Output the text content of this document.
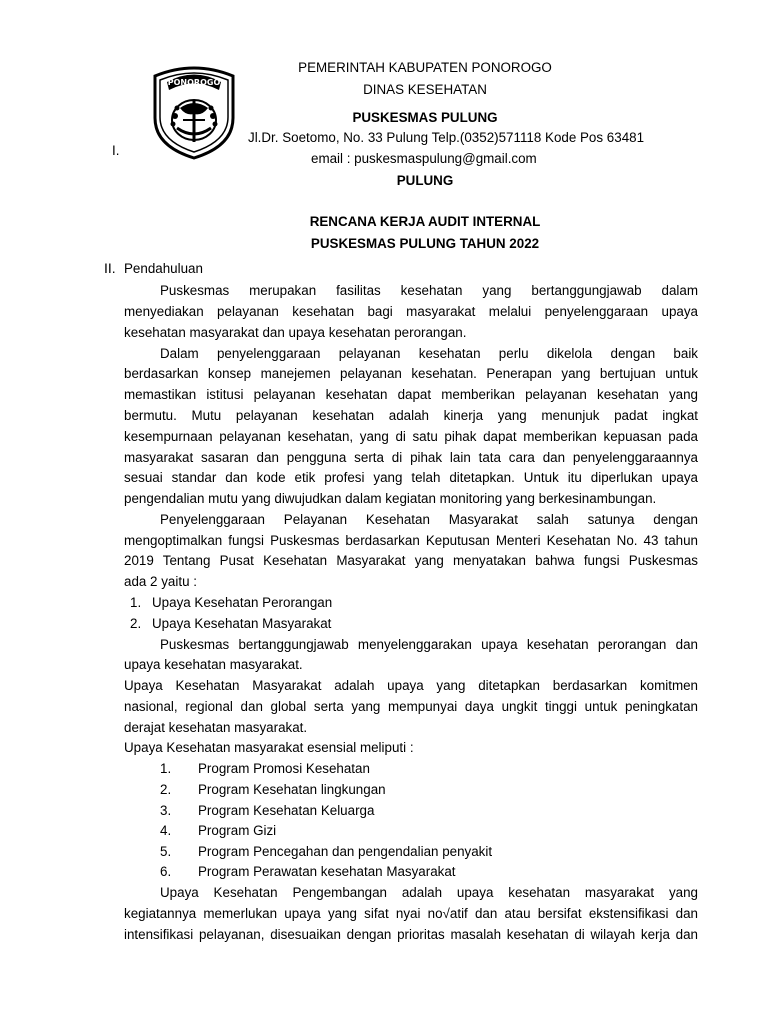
PONOROGO
I.
PEMERINTAH KABUPATEN PONOROGO
DINAS KESEHATAN
PUSKESMAS PULUNG
Jl.Dr. Soetomo, No. 33 Pulung Telp.(0352)571118 Kode Pos 63481
email : puskesmaspulung@gmail.com
PULUNG
RENCANA KERJA AUDIT INTERNAL
PUSKESMAS PULUNG TAHUN 2022
II. Pendahuluan
Puskesmas merupakan fasilitas kesehatan yang bertanggungjawab dalam
menyediakan pelayanan kesehatan bagi masyarakat melalui penyelenggaraan upaya
kesehatan masyarakat dan upaya kesehatan perorangan.
Dalam penyelenggaraan pelayanan kesehatan perlu dikelola dengan baik
berdasarkan konsep manejemen pelayanan kesehatan. Penerapan yang bertujuan untuk
memastikan istitusi pelayanan kesehatan dapat memberikan pelayanan kesehatan yang
bermutu. Mutu pelayanan kesehatan adalah kinerja yang menunjuk padat ingkat
kesempurnaan pelayanan kesehatan, yang di satu pihak dapat memberikan kepuasan pada
masyarakat sasaran dan pengguna serta di pihak lain tata cara dan penyelenggaraannya
sesuai standar dan kode etik profesi yang telah ditetapkan. Untuk itu diperlukan upaya
pengendalian mutu yang diwujudkan dalam kegiatan monitoring yang berkesinambungan.
Penyelenggaraan Pelayanan Kesehatan Masyarakat salah satunya dengan
mengoptimalkan fungsi Puskesmas berdasarkan Keputusan Menteri Kesehatan No. 43 tahun
2019 Tentang Pusat Kesehatan Masyarakat yang menyatakan bahwa fungsi Puskesmas
ada 2 yaitu :
1. Upaya Kesehatan Perorangan
2. Upaya Kesehatan Masyarakat
Puskesmas bertanggungjawab menyelenggarakan upaya kesehatan perorangan dan
upaya kesehatan masyarakat.
Upaya Kesehatan Masyarakat adalah upaya yang ditetapkan berdasarkan komitmen
nasional, regional dan global serta yang mempunyai daya ungkit tinggi untuk peningkatan
derajat kesehatan masyarakat.
Upaya Kesehatan masyarakat esensial meliputi :
1. Program Promosi Kesehatan
2. Program Kesehatan lingkungan
3. Program Kesehatan Keluarga
4. Program Gizi
5. Program Pencegahan dan pengendalian penyakit
6. Program Perawatan kesehatan Masyarakat
Upaya Kesehatan Pengembangan adalah upaya kesehatan masyarakat yang
kegiatannya memerlukan upaya yang sifat nyai no√atif dan atau bersifat ekstensifikasi dan
intensifikasi pelayanan, disesuaikan dengan prioritas masalah kesehatan di wilayah kerja dan
